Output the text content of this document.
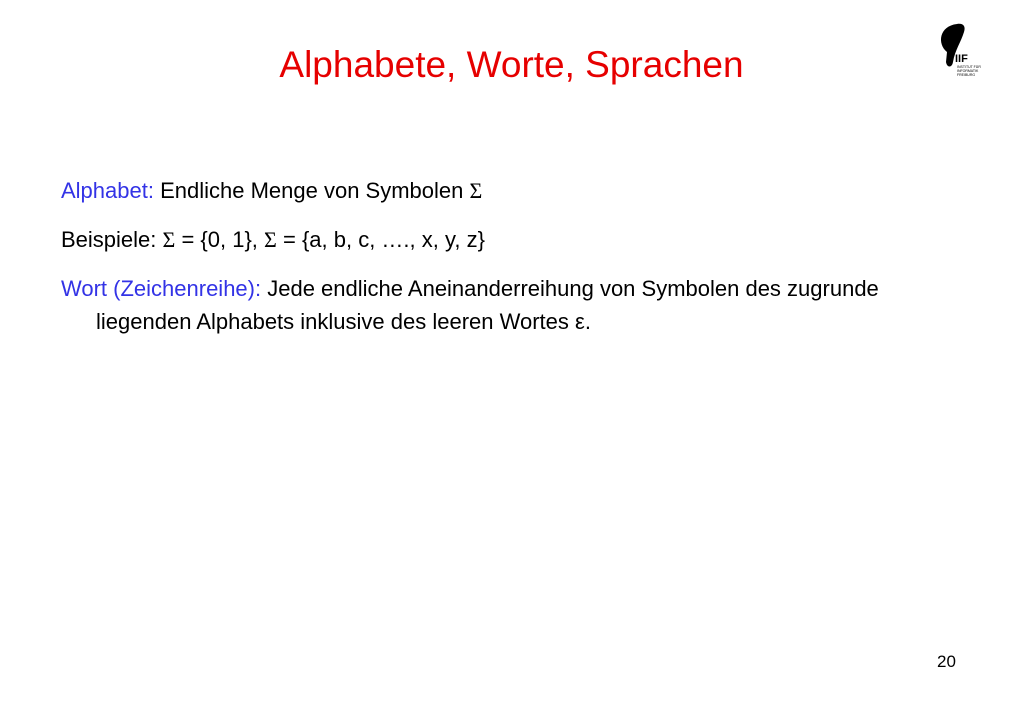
Alphabete, Worte, Sprachen	IIF
INSTITUT FÜR
INFORMATIK
FREIBURG

Alphabet: Endliche Menge von Symbolen Σ

Beispiele: Σ = {0, 1}, Σ = {a, b, c, …., x, y, z}

Wort (Zeichenreihe): Jede endliche Aneinanderreihung von Symbolen des zugrunde liegenden Alphabets inklusive des leeren Wortes ε.

20
